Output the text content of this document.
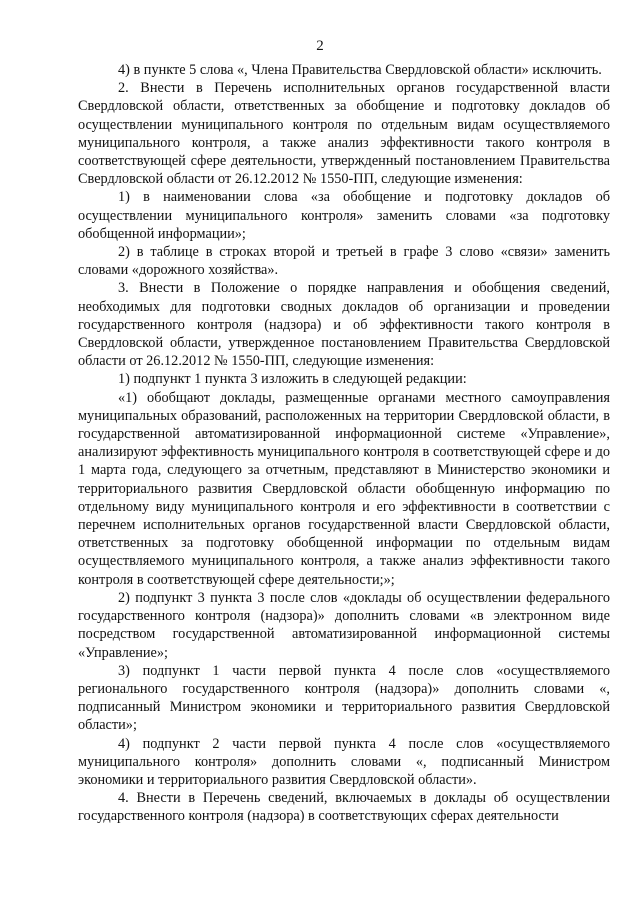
2

4) в пункте 5 слова «, Члена Правительства Свердловской области» исключить.

2. Внести в Перечень исполнительных органов государственной власти Свердловской области, ответственных за обобщение и подготовку докладов об осуществлении муниципального контроля по отдельным видам осуществляемого муниципального контроля, а также анализ эффективности такого контроля в соответствующей сфере деятельности, утвержденный постановлением Правительства Свердловской области от 26.12.2012 № 1550-ПП, следующие изменения:

1) в наименовании слова «за обобщение и подготовку докладов об осуществлении муниципального контроля» заменить словами «за подготовку обобщенной информации»;

2) в таблице в строках второй и третьей в графе 3 слово «связи» заменить словами «дорожного хозяйства».

3. Внести в Положение о порядке направления и обобщения сведений, необходимых для подготовки сводных докладов об организации и проведении государственного контроля (надзора) и об эффективности такого контроля в Свердловской области, утвержденное постановлением Правительства Свердловской области от 26.12.2012 № 1550-ПП, следующие изменения:

1) подпункт 1 пункта 3 изложить в следующей редакции:

«1) обобщают доклады, размещенные органами местного самоуправления муниципальных образований, расположенных на территории Свердловской области, в государственной автоматизированной информационной системе «Управление», анализируют эффективность муниципального контроля в соответствующей сфере и до 1 марта года, следующего за отчетным, представляют в Министерство экономики и территориального развития Свердловской области обобщенную информацию по отдельному виду муниципального контроля и его эффективности в соответствии с перечнем исполнительных органов государственной власти Свердловской области, ответственных за подготовку обобщенной информации по отдельным видам осуществляемого муниципального контроля, а также анализ эффективности такого контроля в соответствующей сфере деятельности;»;

2) подпункт 3 пункта 3 после слов «доклады об осуществлении федерального государственного контроля (надзора)» дополнить словами «в электронном виде посредством государственной автоматизированной информационной системы «Управление»;

3) подпункт 1 части первой пункта 4 после слов «осуществляемого регионального государственного контроля (надзора)» дополнить словами «, подписанный Министром экономики и территориального развития Свердловской области»;

4) подпункт 2 части первой пункта 4 после слов «осуществляемого муниципального контроля» дополнить словами «, подписанный Министром экономики и территориального развития Свердловской области».

4. Внести в Перечень сведений, включаемых в доклады об осуществлении государственного контроля (надзора) в соответствующих сферах деятельности
